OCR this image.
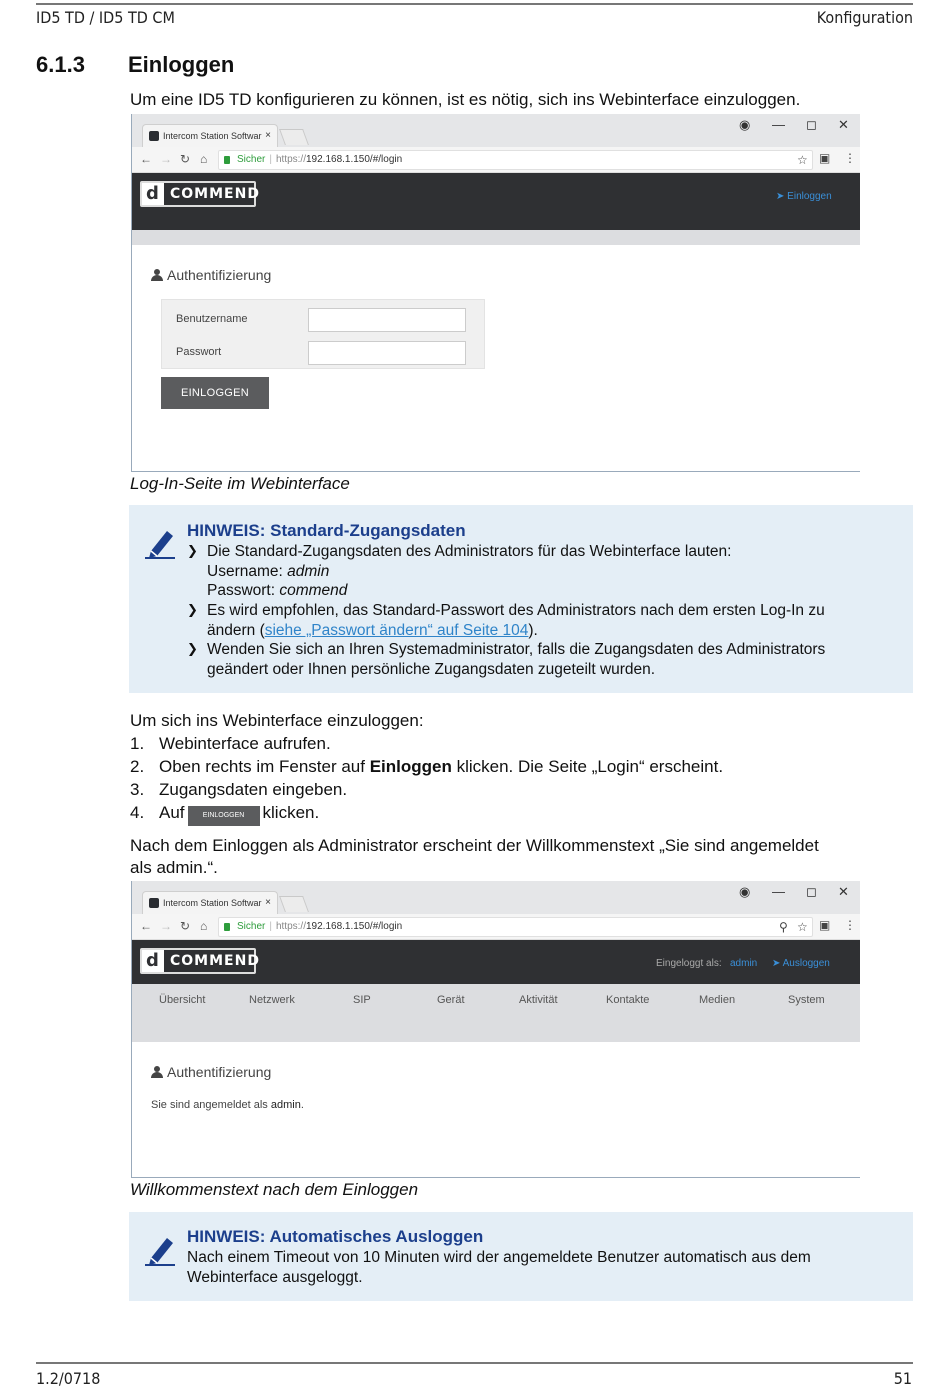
ID5 TD / ID5 TD CM	Konfiguration
6.1.3 Einloggen
Um eine ID5 TD konfigurieren zu können, ist es nötig, sich ins Webinterface einzuloggen.
Intercom Station Softwar ×
◉ — ◻ ✕
← → ↻ ⌂	Sicher | https://192.168.1.150/#/login	☆ ▣ ⋮
d COMMEND	➤ Einloggen
Authentifizierung
Benutzername
Passwort
EINLOGGEN
Log-In-Seite im Webinterface
HINWEIS: Standard-Zugangsdaten
❯ Die Standard-Zugangsdaten des Administrators für das Webinterface lauten:
Username: admin
Passwort: commend
❯ Es wird empfohlen, das Standard-Passwort des Administrators nach dem ersten Log-In zu
ändern (siehe „Passwort ändern“ auf Seite 104).
❯ Wenden Sie sich an Ihren Systemadministrator, falls die Zugangsdaten des Administrators
geändert oder Ihnen persönliche Zugangsdaten zugeteilt wurden.
Um sich ins Webinterface einzuloggen:
1. Webinterface aufrufen.
2. Oben rechts im Fenster auf Einloggen klicken. Die Seite „Login“ erscheint.
3. Zugangsdaten eingeben.
4. Auf	EINLOGGEN klicken.
Nach dem Einloggen als Administrator erscheint der Willkommenstext „Sie sind angemeldet
als admin.“.
Intercom Station Softwar ×
◉ — ◻ ✕
← → ↻ ⌂	Sicher | https://192.168.1.150/#/login	⚲ ☆ ▣ ⋮
d COMMEND	Eingeloggt als: admin ➤ Ausloggen
Übersicht	Netzwerk	SIP	Gerät	Aktivität	Kontakte	Medien	System
Authentifizierung
Sie sind angemeldet als admin.
Willkommenstext nach dem Einloggen
HINWEIS: Automatisches Ausloggen
Nach einem Timeout von 10 Minuten wird der angemeldete Benutzer automatisch aus dem
Webinterface ausgeloggt.
1.2/0718	51
